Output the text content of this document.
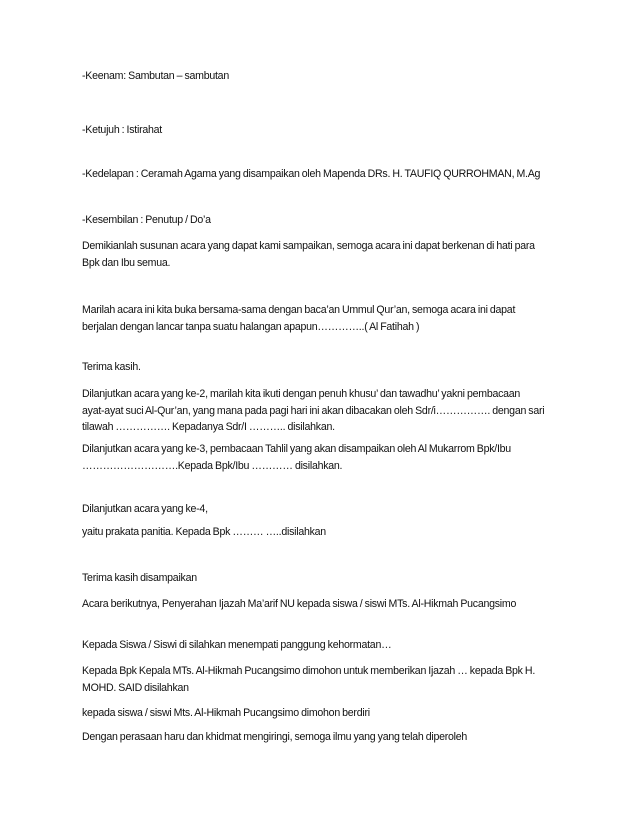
-Keenam: Sambutan – sambutan
-Ketujuh : Istirahat
-Kedelapan : Ceramah Agama yang disampaikan oleh Mapenda DRs. H. TAUFIQ QURROHMAN, M.Ag
-Kesembilan : Penutup / Do’a
Demikianlah susunan acara yang dapat kami sampaikan, semoga acara ini dapat berkenan di hati para
Bpk dan Ibu semua.
Marilah acara ini kita buka bersama-sama dengan baca’an Ummul Qur’an, semoga acara ini dapat
berjalan dengan lancar tanpa suatu halangan apapun…………..( Al Fatihah )
Terima kasih.
Dilanjutkan acara yang ke-2, marilah kita ikuti dengan penuh khusu’ dan tawadhu’ yakni pembacaan
ayat-ayat suci Al-Qur’an, yang mana pada pagi hari ini akan dibacakan oleh Sdr/i……………. dengan sari
tilawah ……………. Kepadanya Sdr/I ……….. disilahkan.
Dilanjutkan acara yang ke-3, pembacaan Tahlil yang akan disampaikan oleh Al Mukarrom Bpk/Ibu
……………………….Kepada Bpk/Ibu ………… disilahkan.
Dilanjutkan acara yang ke-4,
yaitu prakata panitia. Kepada Bpk ……… …..disilahkan
Terima kasih disampaikan
Acara berikutnya, Penyerahan Ijazah Ma’arif NU kepada siswa / siswi MTs. Al-Hikmah Pucangsimo
Kepada Siswa / Siswi di silahkan menempati panggung kehormatan…
Kepada Bpk Kepala MTs. Al-Hikmah Pucangsimo dimohon untuk memberikan Ijazah … kepada Bpk H.
MOHD. SAID disilahkan
kepada siswa / siswi Mts. Al-Hikmah Pucangsimo dimohon berdiri
Dengan perasaan haru dan khidmat mengiringi, semoga ilmu yang yang telah diperoleh
